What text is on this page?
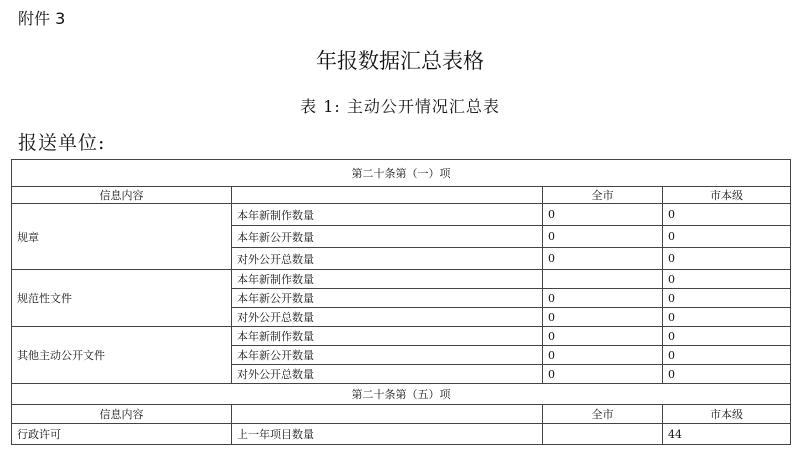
附件 3
年报数据汇总表格
表 1: 主动公开情况汇总表
报送单位:
第二十条第（一）项			
信息内容		全市	市本级
规章	本年新制作数量	0	0
	本年新公开数量	0	0
	对外公开总数量	0	0
规范性文件	本年新制作数量		0
	本年新公开数量	0	0
	对外公开总数量	0	0
其他主动公开文件	本年新制作数量	0	0
	本年新公开数量	0	0
	对外公开总数量	0	0
第二十条第（五）项			
信息内容		全市	市本级
行政许可	上一年项目数量		44
